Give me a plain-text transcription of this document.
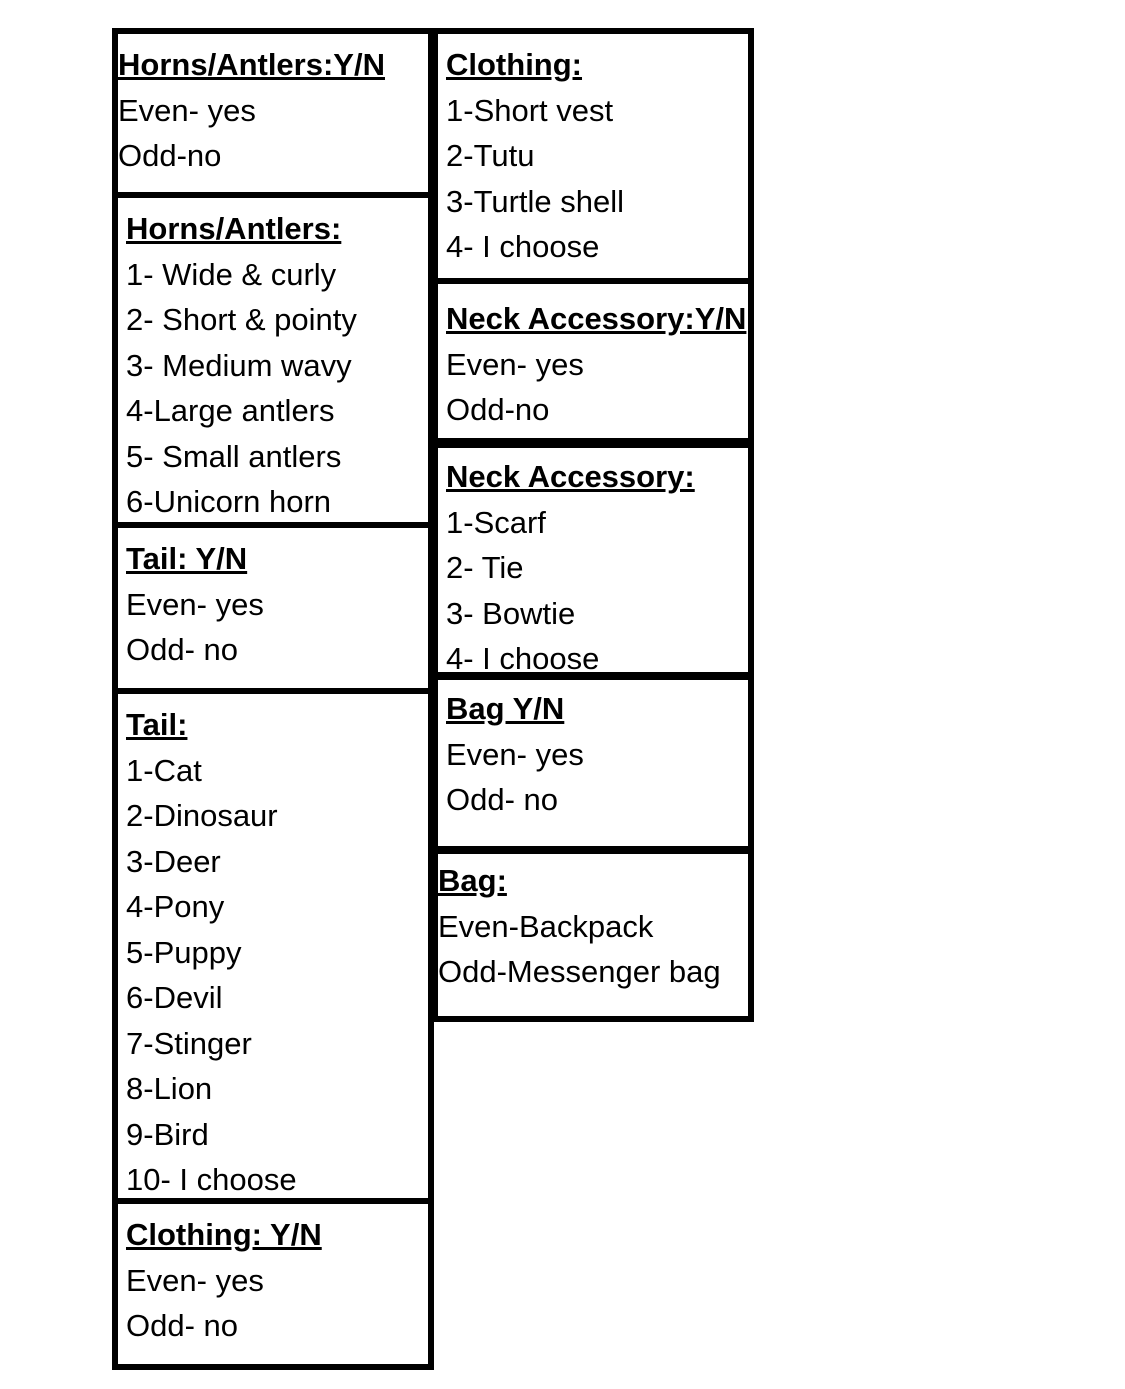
Horns/Antlers:Y/N
Even- yes
Odd-no
Horns/Antlers:
1- Wide & curly
2- Short & pointy
3- Medium wavy
4-Large antlers
5- Small antlers
6-Unicorn horn
Tail: Y/N
Even- yes
Odd- no
Tail:
1-Cat
2-Dinosaur
3-Deer
4-Pony
5-Puppy
6-Devil
7-Stinger
8-Lion
9-Bird
10- I choose
Clothing: Y/N
Even- yes
Odd- no
Clothing:
1-Short vest
2-Tutu
3-Turtle shell
4- I choose
Neck Accessory:Y/N
Even- yes
Odd-no
Neck Accessory:
1-Scarf
2- Tie
3- Bowtie
4- I choose
Bag Y/N
Even- yes
Odd- no
Bag:
Even-Backpack
Odd-Messenger bag
